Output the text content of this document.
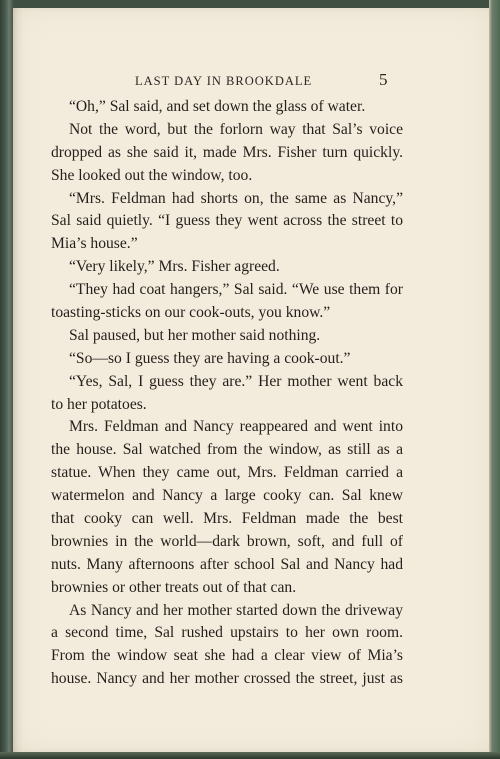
LAST DAY IN BROOKDALE	5
“Oh,” Sal said, and set down the glass of water.
Not the word, but the forlorn way that Sal’s voice
dropped as she said it, made Mrs. Fisher turn quickly.
She looked out the window, too.
“Mrs. Feldman had shorts on, the same as Nancy,”
Sal said quietly. “I guess they went across the street to
Mia’s house.”
“Very likely,” Mrs. Fisher agreed.
“They had coat hangers,” Sal said. “We use them for
toasting-sticks on our cook-outs, you know.”
Sal paused, but her mother said nothing.
“So—so I guess they are having a cook-out.”
“Yes, Sal, I guess they are.” Her mother went back
to her potatoes.
Mrs. Feldman and Nancy reappeared and went into
the house. Sal watched from the window, as still as a
statue. When they came out, Mrs. Feldman carried a
watermelon and Nancy a large cooky can. Sal knew
that cooky can well. Mrs. Feldman made the best
brownies in the world—dark brown, soft, and full of
nuts. Many afternoons after school Sal and Nancy had
brownies or other treats out of that can.
As Nancy and her mother started down the driveway
a second time, Sal rushed upstairs to her own room.
From the window seat she had a clear view of Mia’s
house. Nancy and her mother crossed the street, just as
